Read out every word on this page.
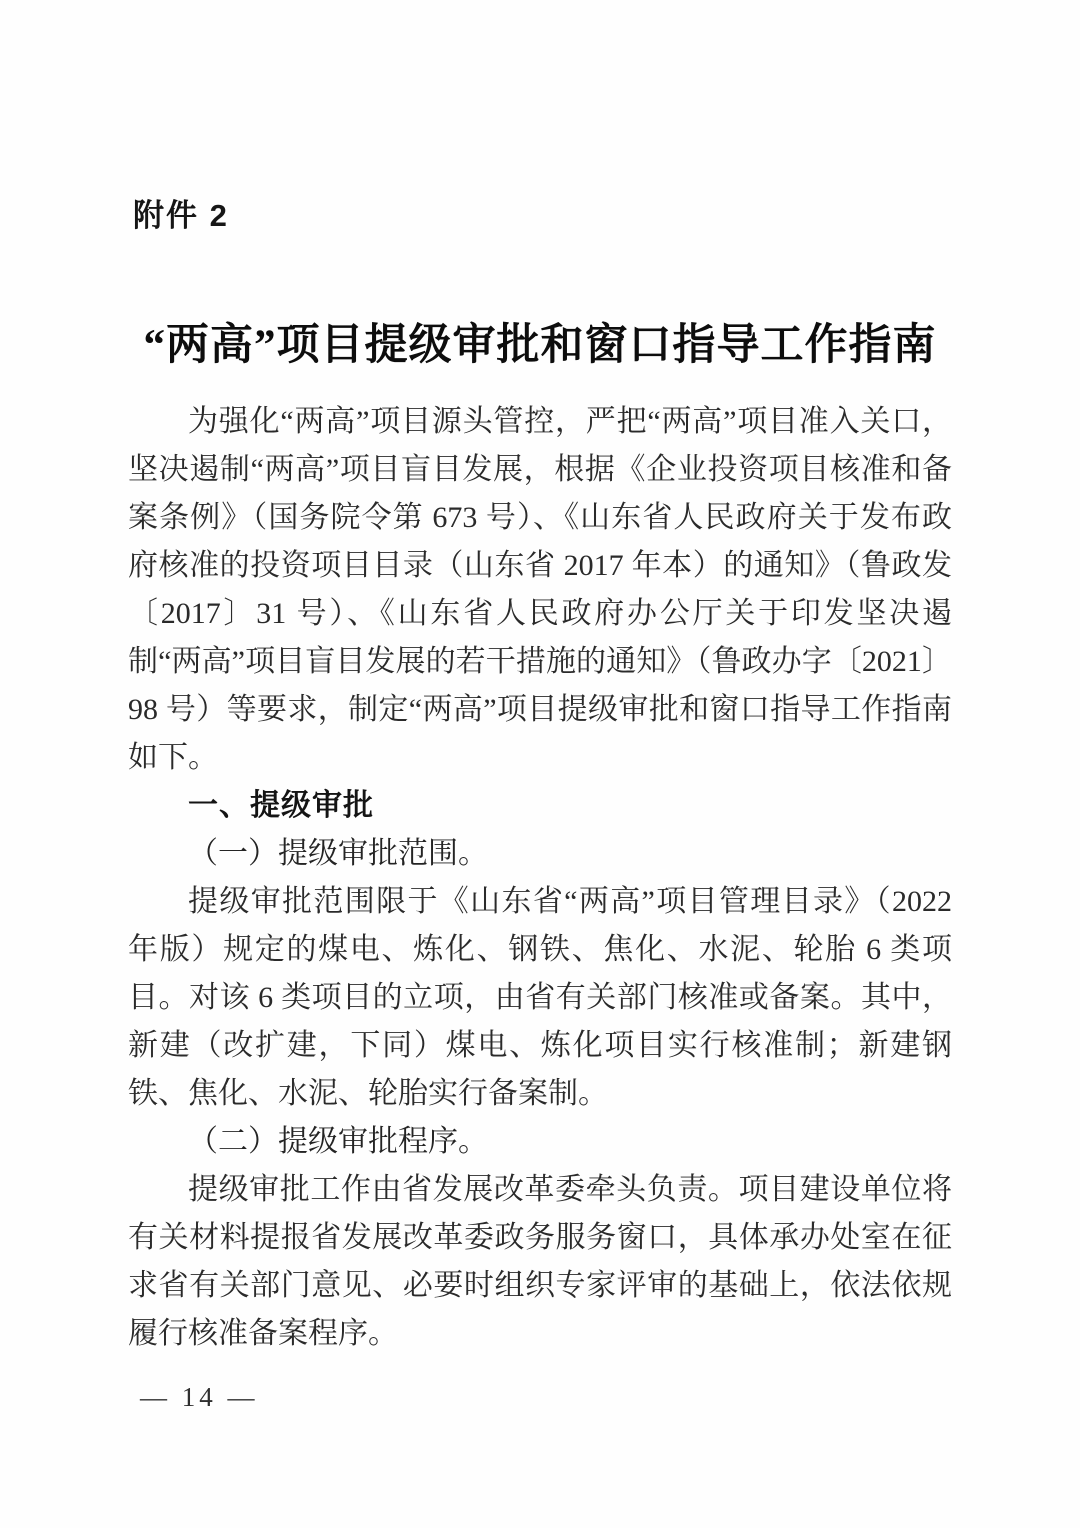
附件 2
“两高”项目提级审批和窗口指导工作指南

为强化“两高”项目源头管控，严把“两高”项目准入关口，坚决遏制“两高”项目盲目发展，根据《企业投资项目核准和备案条例》（国务院令第 673 号）、《山东省人民政府关于发布政府核准的投资项目目录（山东省 2017 年本）的通知》（鲁政发〔2017〕31 号）、《山东省人民政府办公厅关于印发坚决遏制“两高”项目盲目发展的若干措施的通知》（鲁政办字〔2021〕98 号）等要求，制定“两高”项目提级审批和窗口指导工作指南如下。

一、提级审批

（一）提级审批范围。

提级审批范围限于《山东省“两高”项目管理目录》（2022 年版）规定的煤电、炼化、钢铁、焦化、水泥、轮胎 6 类项目。对该 6 类项目的立项，由省有关部门核准或备案。其中，新建（改扩建，下同）煤电、炼化项目实行核准制；新建钢铁、焦化、水泥、轮胎实行备案制。

（二）提级审批程序。

提级审批工作由省发展改革委牵头负责。项目建设单位将有关材料提报省发展改革委政务服务窗口，具体承办处室在征求省有关部门意见、必要时组织专家评审的基础上，依法依规履行核准备案程序。

— 14 —
